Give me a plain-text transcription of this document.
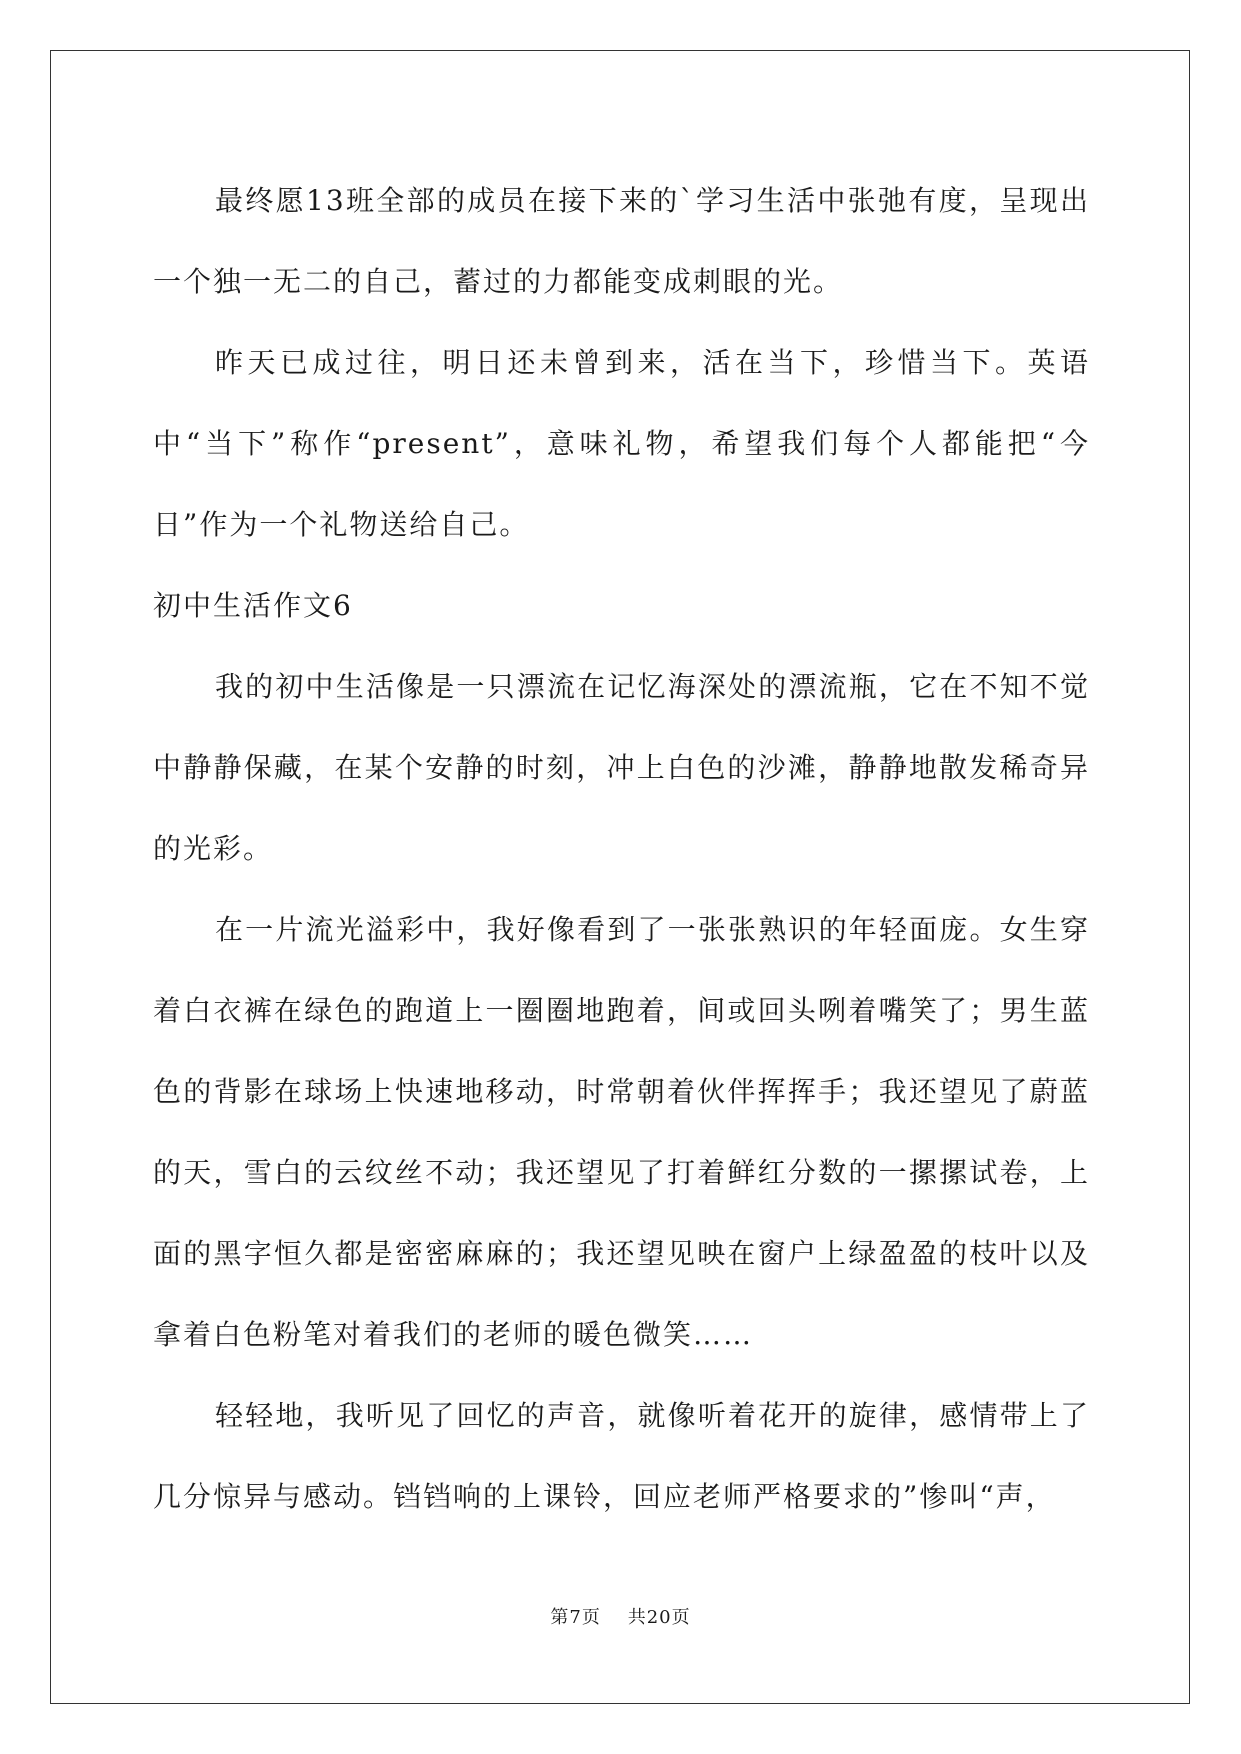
最终愿13班全部的成员在接下来的`学习生活中张弛有度，呈现出一个独一无二的自己，蓄过的力都能变成刺眼的光。

昨天已成过往，明日还未曾到来，活在当下，珍惜当下。英语中“当下”称作“present”，意味礼物，希望我们每个人都能把“今日”作为一个礼物送给自己。

初中生活作文6

我的初中生活像是一只漂流在记忆海深处的漂流瓶，它在不知不觉中静静保藏，在某个安静的时刻，冲上白色的沙滩，静静地散发稀奇异的光彩。

在一片流光溢彩中，我好像看到了一张张熟识的年轻面庞。女生穿着白衣裤在绿色的跑道上一圈圈地跑着，间或回头咧着嘴笑了；男生蓝色的背影在球场上快速地移动，时常朝着伙伴挥挥手；我还望见了蔚蓝的天，雪白的云纹丝不动；我还望见了打着鲜红分数的一摞摞试卷，上面的黑字恒久都是密密麻麻的；我还望见映在窗户上绿盈盈的枝叶以及拿着白色粉笔对着我们的老师的暖色微笑……

轻轻地，我听见了回忆的声音，就像听着花开的旋律，感情带上了几分惊异与感动。铛铛响的上课铃，回应老师严格要求的”惨叫“声，

第7页 共20页
